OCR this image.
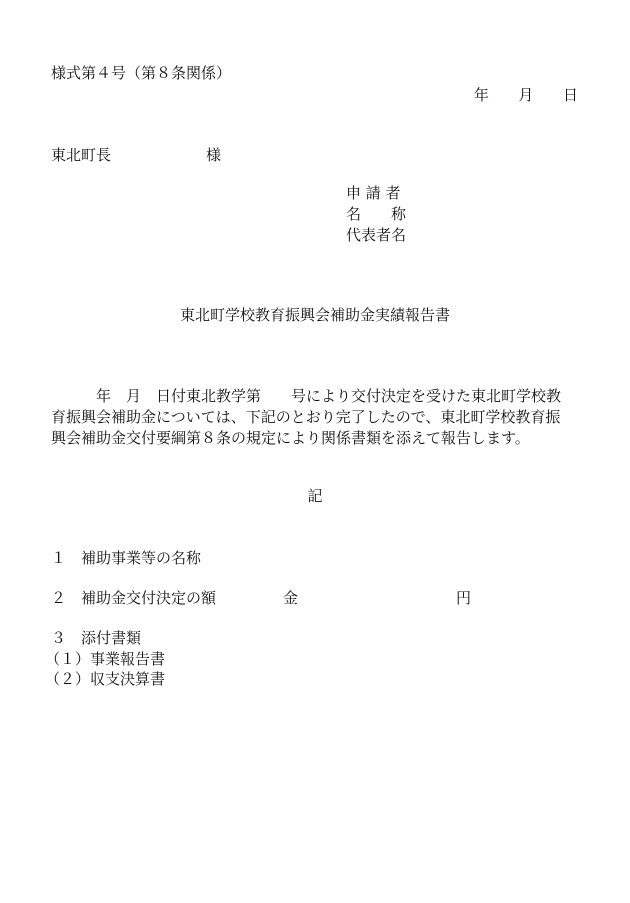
様式第４号（第８条関係）
年 月 日
東北町長	様
申 請 者
名　　称
代表者名
東北町学校教育振興会補助金実績報告書
　　　年　月　日付東北教学第　　号により交付決定を受けた東北町学校教
育振興会補助金については、下記のとおり完了したので、東北町学校教育振
興会補助金交付要綱第８条の規定により関係書類を添えて報告します。
記
１　補助事業等の名称
２　補助金交付決定の額	金	円
３　添付書類
（１）事業報告書
（２）収支決算書
